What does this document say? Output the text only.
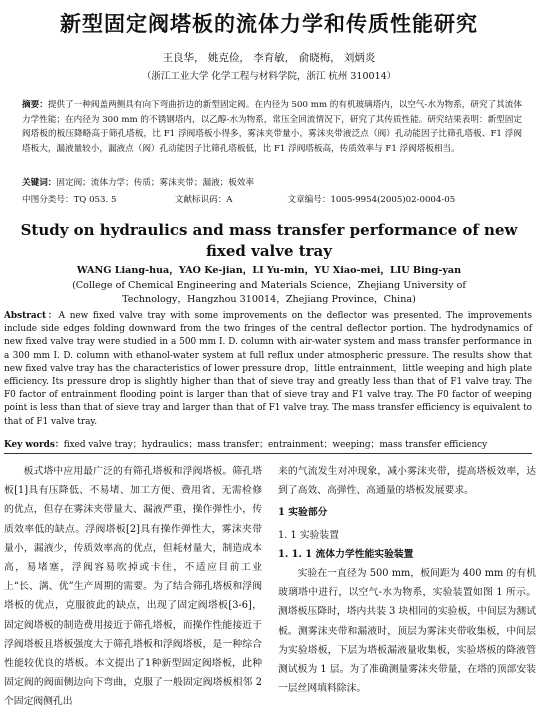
新型固定阀塔板的流体力学和传质性能研究
王良华， 姚克俭， 李育敏， 俞晓梅， 刘炳炎
（浙江工业大学 化学工程与材料学院，浙江 杭州 310014）
摘要：提供了一种阀盖两侧具有向下弯曲折边的新型固定阀。在内径为 500 mm 的有机玻璃塔内，以空气-水为物系，研究了其流体力学性能；在内径为 300 mm 的不锈钢塔内，以乙醇-水为物系，常压全回流情况下，研究了其传质性能。研究结果表明：新型固定阀塔板的板压降略高于筛孔塔板，比 F1 浮阀塔板小得多，雾沫夹带量小，雾沫夹带液泛点（阀）孔动能因子比筛孔塔板、F1 浮阀塔板大，漏液量较小，漏液点（阀）孔动能因子比筛孔塔板低，比 F1 浮阀塔板高，传质效率与 F1 浮阀塔板相当。
关键词：固定阀；流体力学；传质；雾沫夹带；漏液；板效率
中图分类号：TQ 053. 5	文献标识码：A	文章编号：1005-9954(2005)02-0004-05
Study on hydraulics and mass transfer performance of new fixed valve tray
WANG Liang-hua，YAO Ke-jian，LI Yu-min，YU Xiao-mei，LIU Bing-yan
(College of Chemical Engineering and Materials Science，Zhejiang University of Technology，Hangzhou 310014，Zhejiang Province，China)
Abstract：A new fixed valve tray with some improvements on the deflector was presented. The improvements include side edges folding downward from the two fringes of the central deflector portion. The hydrodynamics of new fixed valve tray were studied in a 500 mm I. D. column with air-water system and mass transfer performance in a 300 mm I. D. column with ethanol-water system at full reflux under atmospheric pressure. The results show that new fixed valve tray has the characteristics of lower pressure drop，little entrainment，little weeping and high plate efficiency. Its pressure drop is slightly higher than that of sieve tray and greatly less than that of F1 valve tray. The F0 factor of entrainment flooding point is larger than that of sieve tray and F1 valve tray. The F0 factor of weeping point is less than that of sieve tray and larger than that of F1 valve tray. The mass transfer efficiency is equivalent to that of F1 valve tray.
Key words：fixed valve tray；hydraulics；mass transfer；entrainment；weeping；mass transfer efficiency

板式塔中应用最广泛的有筛孔塔板和浮阀塔板。筛孔塔板[1]具有压降低、不易堵、加工方便、费用省、无需检修的优点，但存在雾沫夹带量大、漏液严重，操作弹性小，传质效率低的缺点。浮阀塔板[2]具有操作弹性大，雾沫夹带量小，漏液少，传质效率高的优点，但耗材量大，制造成本高，易堵塞，浮阀容易吹掉或卡住，不适应目前工业上“长、满、优”生产周期的需要。为了结合筛孔塔板和浮阀塔板的优点，克服彼此的缺点，出现了固定阀塔板[3-6]，固定阀塔板的制造费用接近于筛孔塔板，而操作性能接近于浮阀塔板且塔板强度大于筛孔塔板和浮阀塔板，是一种综合性能较优良的塔板。本文提出了1种新型固定阀塔板，此种固定阀的阀面侧边向下弯曲，克服了一般固定阀塔板相邻 2 个固定阀侧孔出

来的气流发生对冲现象，减小雾沫夹带，提高塔板效率，达到了高效、高弹性、高通量的塔板发展要求。

1 实验部分

1. 1 实验装置

1. 1. 1 流体力学性能实验装置

实验在一直径为 500 mm，板间距为 400 mm 的有机玻璃塔中进行，以空气-水为物系，实验装置如图 1 所示。测塔板压降时，塔内共装 3 块相同的实验板，中间层为测试板。测雾沫夹带和漏液时，顶层为雾沫夹带收集板，中间层为实验塔板，下层为塔板漏液量收集板，实验塔板的降液管测试板为 1 层。为了准确测量雾沫夹带量，在塔的顶部安装一层丝网填料除沫。
